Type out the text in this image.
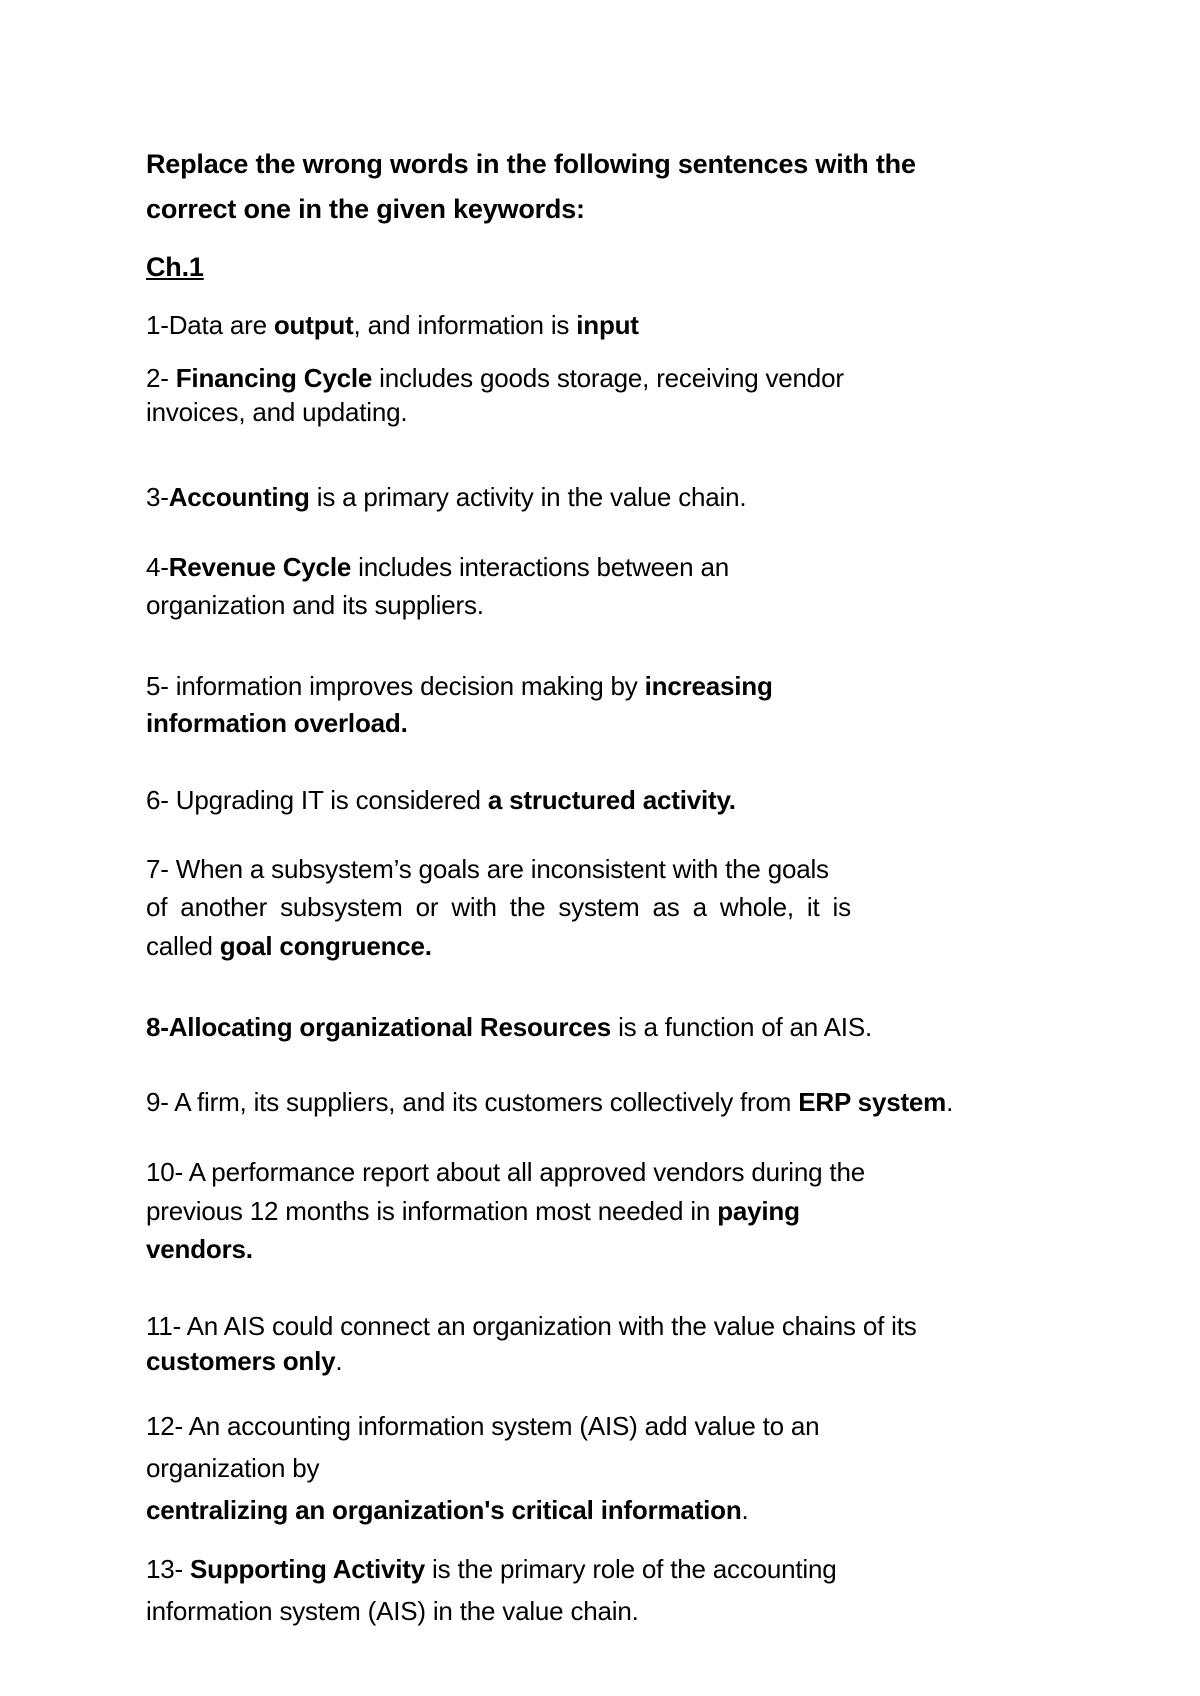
Replace the wrong words in the following sentences with the
correct one in the given keywords:
Ch.1
1-Data are output, and information is input
2- Financing Cycle includes goods storage, receiving vendor
invoices, and updating.
3-Accounting is a primary activity in the value chain.
4-Revenue Cycle includes interactions between an
organization and its suppliers.
5- information improves decision making by increasing
information overload.
6- Upgrading IT is considered a structured activity.
7- When a subsystem’s goals are inconsistent with the goals
of another subsystem or with the system as a whole, it is
called goal congruence.
8-Allocating organizational Resources is a function of an AIS.
9- A firm, its suppliers, and its customers collectively from ERP system.
10- A performance report about all approved vendors during the
previous 12 months is information most needed in paying
vendors.
11- An AIS could connect an organization with the value chains of its
customers only.
12- An accounting information system (AIS) add value to an
organization by
centralizing an organization's critical information.
13- Supporting Activity is the primary role of the accounting
information system (AIS) in the value chain.
